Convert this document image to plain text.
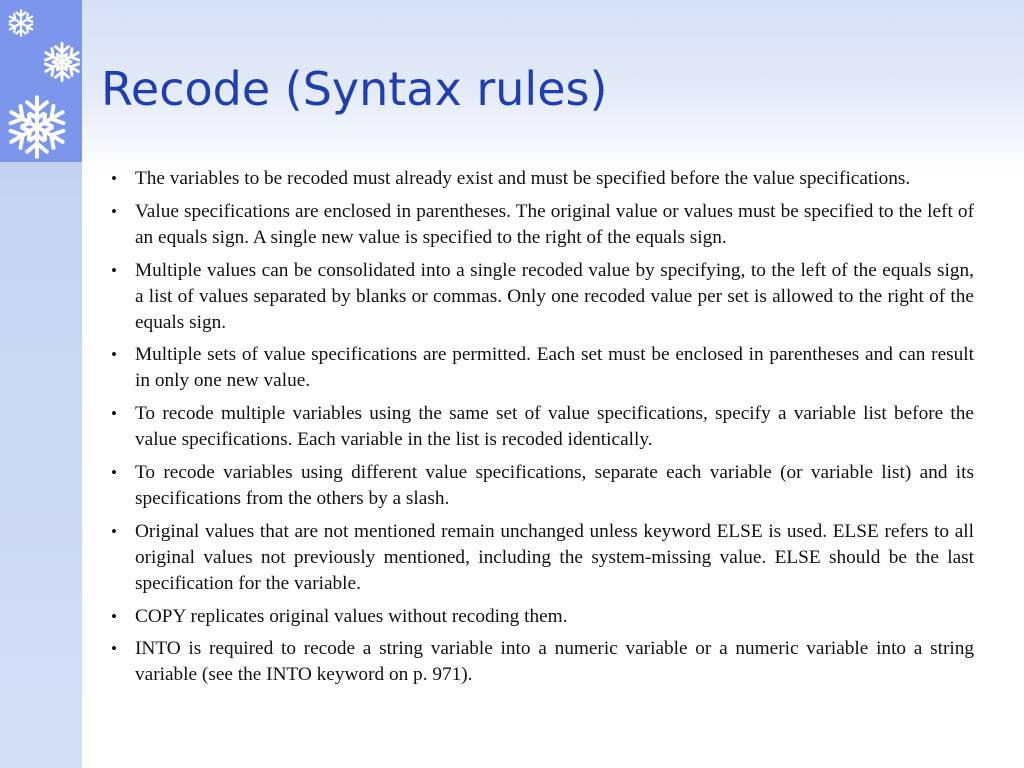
Recode (Syntax rules)
• The variables to be recoded must already exist and must be specified before the value specifications.
• Value specifications are enclosed in parentheses. The original value or values must be specified to the left of an equals sign. A single new value is specified to the right of the equals sign.
• Multiple values can be consolidated into a single recoded value by specifying, to the left of the equals sign, a list of values separated by blanks or commas. Only one recoded value per set is allowed to the right of the equals sign.
• Multiple sets of value specifications are permitted. Each set must be enclosed in parentheses and can result in only one new value.
• To recode multiple variables using the same set of value specifications, specify a variable list before the value specifications. Each variable in the list is recoded identically.
• To recode variables using different value specifications, separate each variable (or variable list) and its specifications from the others by a slash.
• Original values that are not mentioned remain unchanged unless keyword ELSE is used. ELSE refers to all original values not previously mentioned, including the system-missing value. ELSE should be the last specification for the variable.
• COPY replicates original values without recoding them.
• INTO is required to recode a string variable into a numeric variable or a numeric variable into a string variable (see the INTO keyword on p. 971).
